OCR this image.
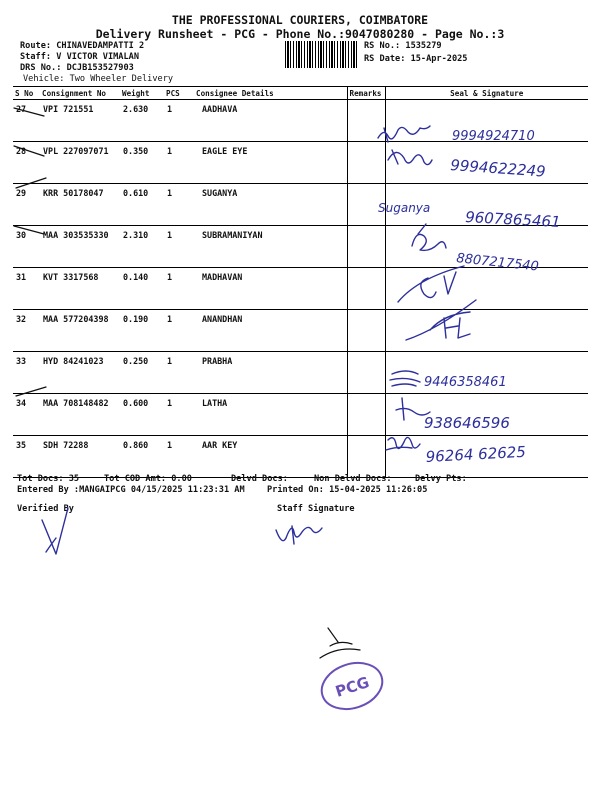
THE PROFESSIONAL COURIERS, COIMBATORE
Delivery Runsheet - PCG - Phone No.:9047080280 - Page No.:3
Route: CHINAVEDAMPATTI 2
Staff: V VICTOR VIMALAN
DRS No.: DCJB153527903
Vehicle: Two Wheeler Delivery
RS No.: 1535279
RS Date: 15-Apr-2025
S No	Consignment No	Weight	PCS	Consignee Details	Remarks	Seal & Signature
27	VPI 721551	2.630	1	AADHAVA		
28	VPL 227097071	0.350	1	EAGLE EYE		
29	KRR 50178047	0.610	1	SUGANYA		
30	MAA 303535330	2.310	1	SUBRAMANIYAN		
31	KVT 3317568	0.140	1	MADHAVAN		
32	MAA 577204398	0.190	1	ANANDHAN		
33	HYD 84241023	0.250	1	PRABHA		
34	MAA 708148482	0.600	1	LATHA		
35	SDH 72288	0.860	1	AAR KEY		
Tot Docs: 35	Tot COD Amt: 0.00	Delvd Docs:	Non Delvd Docs:	Delvy Pts:
Entered By :MANGAIPCG 04/15/2025 11:23:31 AM	Printed On: 15-04-2025 11:26:05
Verified By	Staff Signature
9994924710
9994622249
Suganya
9607865461
8807217540
9446358461
938646596
96264 62625
PCG
